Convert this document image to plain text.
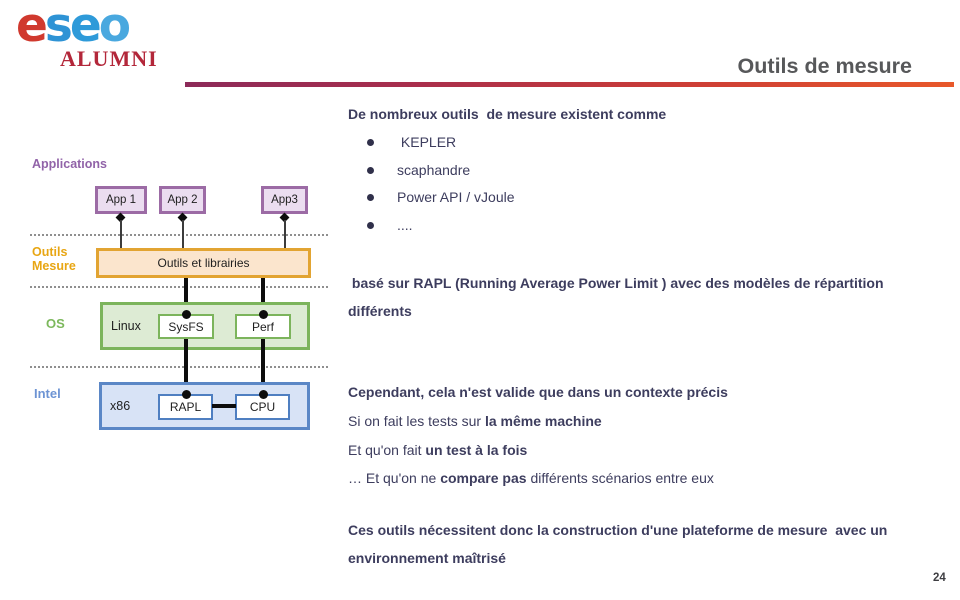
eseo
ALUMNI	Outils de mesure
Applications
Outils
Mesure
OS
Intel
App 1	App 2	App3
Outils et librairies
Linux	SysFS	Perf
x86	RAPL	CPU
De nombreux outils  de mesure existent comme
KEPLER
scaphandre
Power API / vJoule
....
basé sur RAPL (Running Average Power Limit ) avec des modèles de répartition
différents
Cependant, cela n'est valide que dans un contexte précis
Si on fait les tests sur la même machine
Et qu'on fait un test à la fois
… Et qu'on ne compare pas différents scénarios entre eux
Ces outils nécessitent donc la construction d'une plateforme de mesure  avec un
environnement maîtrisé
24
